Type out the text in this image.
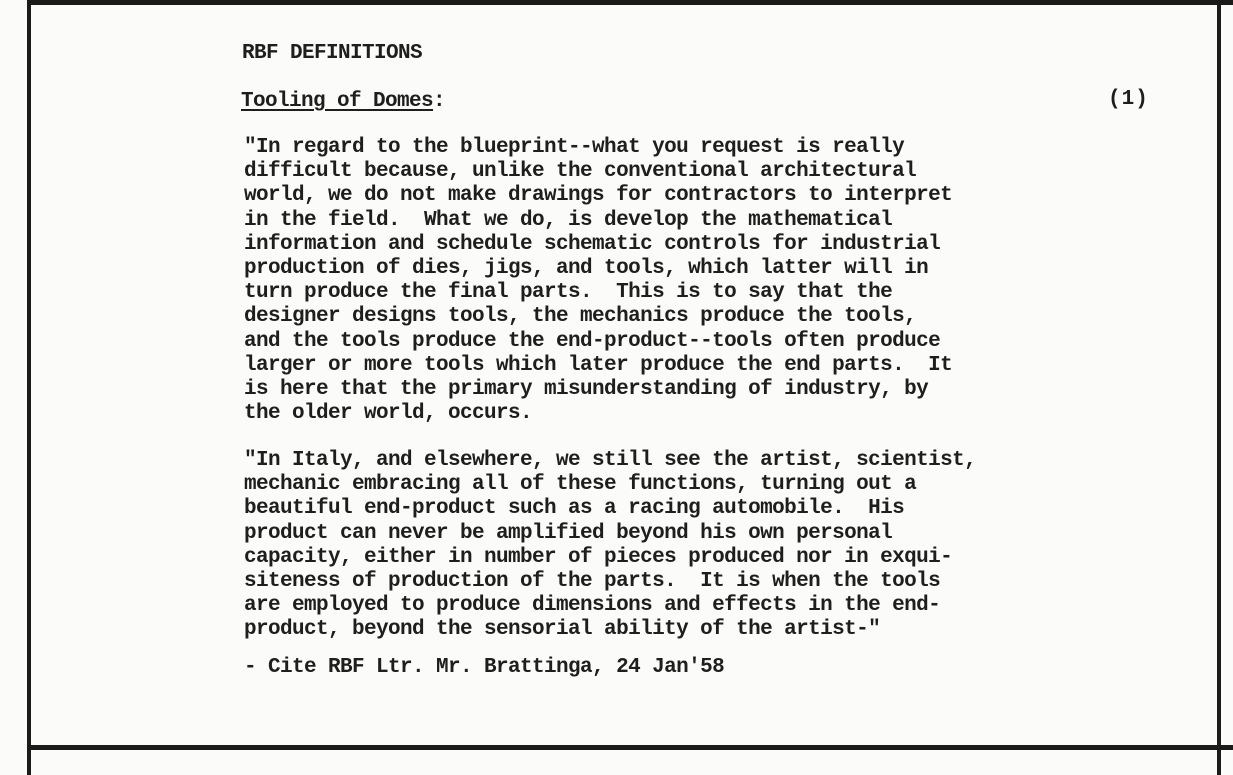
RBF DEFINITIONS
Tooling of Domes:	(1)
"In regard to the blueprint--what you request is really
difficult because, unlike the conventional architectural
world, we do not make drawings for contractors to interpret
in the field.  What we do, is develop the mathematical
information and schedule schematic controls for industrial
production of dies, jigs, and tools, which latter will in
turn produce the final parts.  This is to say that the
designer designs tools, the mechanics produce the tools,
and the tools produce the end-product--tools often produce
larger or more tools which later produce the end parts.  It
is here that the primary misunderstanding of industry, by
the older world, occurs.
"In Italy, and elsewhere, we still see the artist, scientist,
mechanic embracing all of these functions, turning out a
beautiful end-product such as a racing automobile.  His
product can never be amplified beyond his own personal
capacity, either in number of pieces produced nor in exqui-
siteness of production of the parts.  It is when the tools
are employed to produce dimensions and effects in the end-
product, beyond the sensorial ability of the artist-"
- Cite RBF Ltr. Mr. Brattinga, 24 Jan'58
